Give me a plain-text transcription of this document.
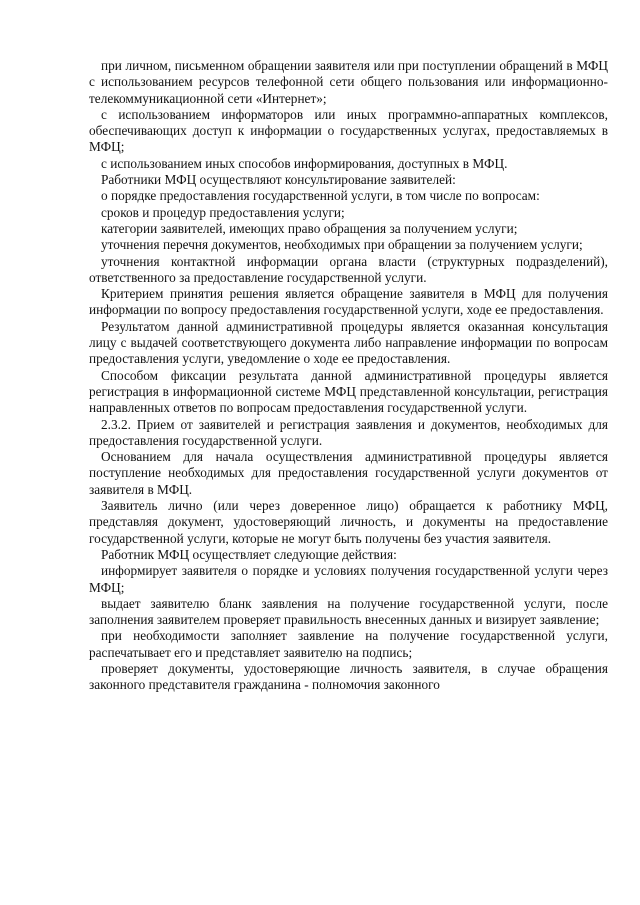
при личном, письменном обращении заявителя или при поступлении обращений в МФЦ с использованием ресурсов телефонной сети общего пользования или информационно-телекоммуникационной сети «Интернет»;

с использованием информаторов или иных программно-аппаратных комплексов, обеспечивающих доступ к информации о государственных услугах, предоставляемых в МФЦ;

с использованием иных способов информирования, доступных в МФЦ.

Работники МФЦ осуществляют консультирование заявителей:

о порядке предоставления государственной услуги, в том числе по вопросам:

сроков и процедур предоставления услуги;

категории заявителей, имеющих право обращения за получением услуги;

уточнения перечня документов, необходимых при обращении за получением услуги;

уточнения контактной информации органа власти (структурных подразделений), ответственного за предоставление государственной услуги.

Критерием принятия решения является обращение заявителя в МФЦ для получения информации по вопросу предоставления государственной услуги, ходе ее предоставления.

Результатом данной административной процедуры является оказанная консультация лицу с выдачей соответствующего документа либо направление информации по вопросам предоставления услуги, уведомление о ходе ее предоставления.

Способом фиксации результата данной административной процедуры является регистрация в информационной системе МФЦ представленной консультации, регистрация направленных ответов по вопросам предоставления государственной услуги.

2.3.2. Прием от заявителей и регистрация заявления и документов, необходимых для предоставления государственной услуги.

Основанием для начала осуществления административной процедуры является поступление необходимых для предоставления государственной услуги документов от заявителя в МФЦ.

Заявитель лично (или через доверенное лицо) обращается к работнику МФЦ, представляя документ, удостоверяющий личность, и документы на предоставление государственной услуги, которые не могут быть получены без участия заявителя.

Работник МФЦ осуществляет следующие действия:

информирует заявителя о порядке и условиях получения государственной услуги через МФЦ;

выдает заявителю бланк заявления на получение государственной услуги, после заполнения заявителем проверяет правильность внесенных данных и визирует заявление;

при необходимости заполняет заявление на получение государственной услуги, распечатывает его и представляет заявителю на подпись;

проверяет документы, удостоверяющие личность заявителя, в случае обращения законного представителя гражданина - полномочия законного
